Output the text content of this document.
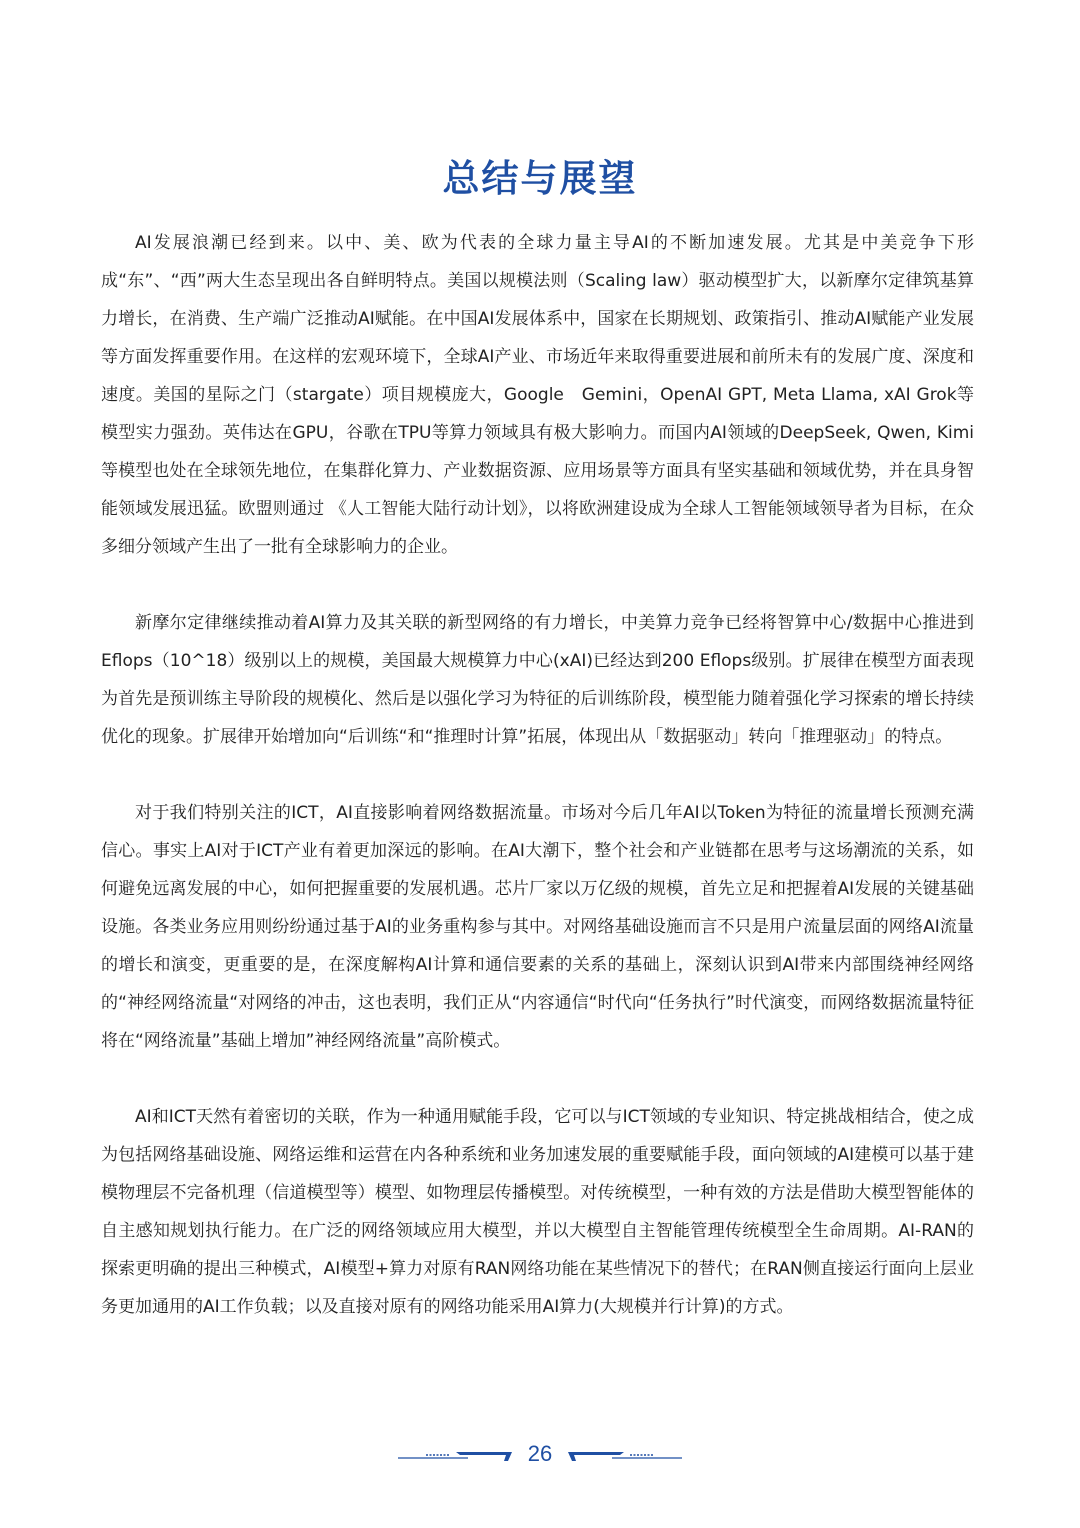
总结与展望

AI发展浪潮已经到来。以中、美、欧为代表的全球力量主导AI的不断加速发展。尤其是中美竞争下形成“东”、“西”两大生态呈现出各自鲜明特点。美国以规模法则（Scaling law）驱动模型扩大，以新摩尔定律筑基算力增长，在消费、生产端广泛推动AI赋能。在中国AI发展体系中，国家在长期规划、政策指引、推动AI赋能产业发展等方面发挥重要作用。在这样的宏观环境下，全球AI产业、市场近年来取得重要进展和前所未有的发展广度、深度和速度。美国的星际之门（stargate）项目规模庞大，Google　Gemini，OpenAI GPT, Meta Llama, xAI Grok等模型实力强劲。英伟达在GPU，谷歌在TPU等算力领域具有极大影响力。而国内AI领域的DeepSeek, Qwen, Kimi等模型也处在全球领先地位，在集群化算力、产业数据资源、应用场景等方面具有坚实基础和领域优势，并在具身智能领域发展迅猛。欧盟则通过 《人工智能大陆行动计划》，以将欧洲建设成为全球人工智能领域领导者为目标，在众多细分领域产生出了一批有全球影响力的企业。

新摩尔定律继续推动着AI算力及其关联的新型网络的有力增长，中美算力竞争已经将智算中心/数据中心推进到Eflops（10^18）级别以上的规模，美国最大规模算力中心(xAI)已经达到200 Eflops级别。扩展律在模型方面表现为首先是预训练主导阶段的规模化、然后是以强化学习为特征的后训练阶段，模型能力随着强化学习探索的增长持续优化的现象。扩展律开始增加向“后训练“和“推理时计算”拓展，体现出从「数据驱动」转向「推理驱动」的特点。

对于我们特别关注的ICT，AI直接影响着网络数据流量。市场对今后几年AI以Token为特征的流量增长预测充满信心。事实上AI对于ICT产业有着更加深远的影响。在AI大潮下，整个社会和产业链都在思考与这场潮流的关系，如何避免远离发展的中心，如何把握重要的发展机遇。芯片厂家以万亿级的规模，首先立足和把握着AI发展的关键基础设施。各类业务应用则纷纷通过基于AI的业务重构参与其中。对网络基础设施而言不只是用户流量层面的网络AI流量的增长和演变，更重要的是，在深度解构AI计算和通信要素的关系的基础上，深刻认识到AI带来内部围绕神经网络的“神经网络流量“对网络的冲击，这也表明，我们正从“内容通信“时代向“任务执行”时代演变，而网络数据流量特征将在“网络流量”基础上增加”神经网络流量”高阶模式。

AI和ICT天然有着密切的关联，作为一种通用赋能手段，它可以与ICT领域的专业知识、特定挑战相结合，使之成为包括网络基础设施、网络运维和运营在内各种系统和业务加速发展的重要赋能手段，面向领域的AI建模可以基于建模物理层不完备机理（信道模型等）模型、如物理层传播模型。对传统模型，一种有效的方法是借助大模型智能体的自主感知规划执行能力。在广泛的网络领域应用大模型，并以大模型自主智能管理传统模型全生命周期。AI-RAN的探索更明确的提出三种模式，AI模型+算力对原有RAN网络功能在某些情况下的替代；在RAN侧直接运行面向上层业务更加通用的AI工作负载；以及直接对原有的网络功能采用AI算力(大规模并行计算)的方式。

26
